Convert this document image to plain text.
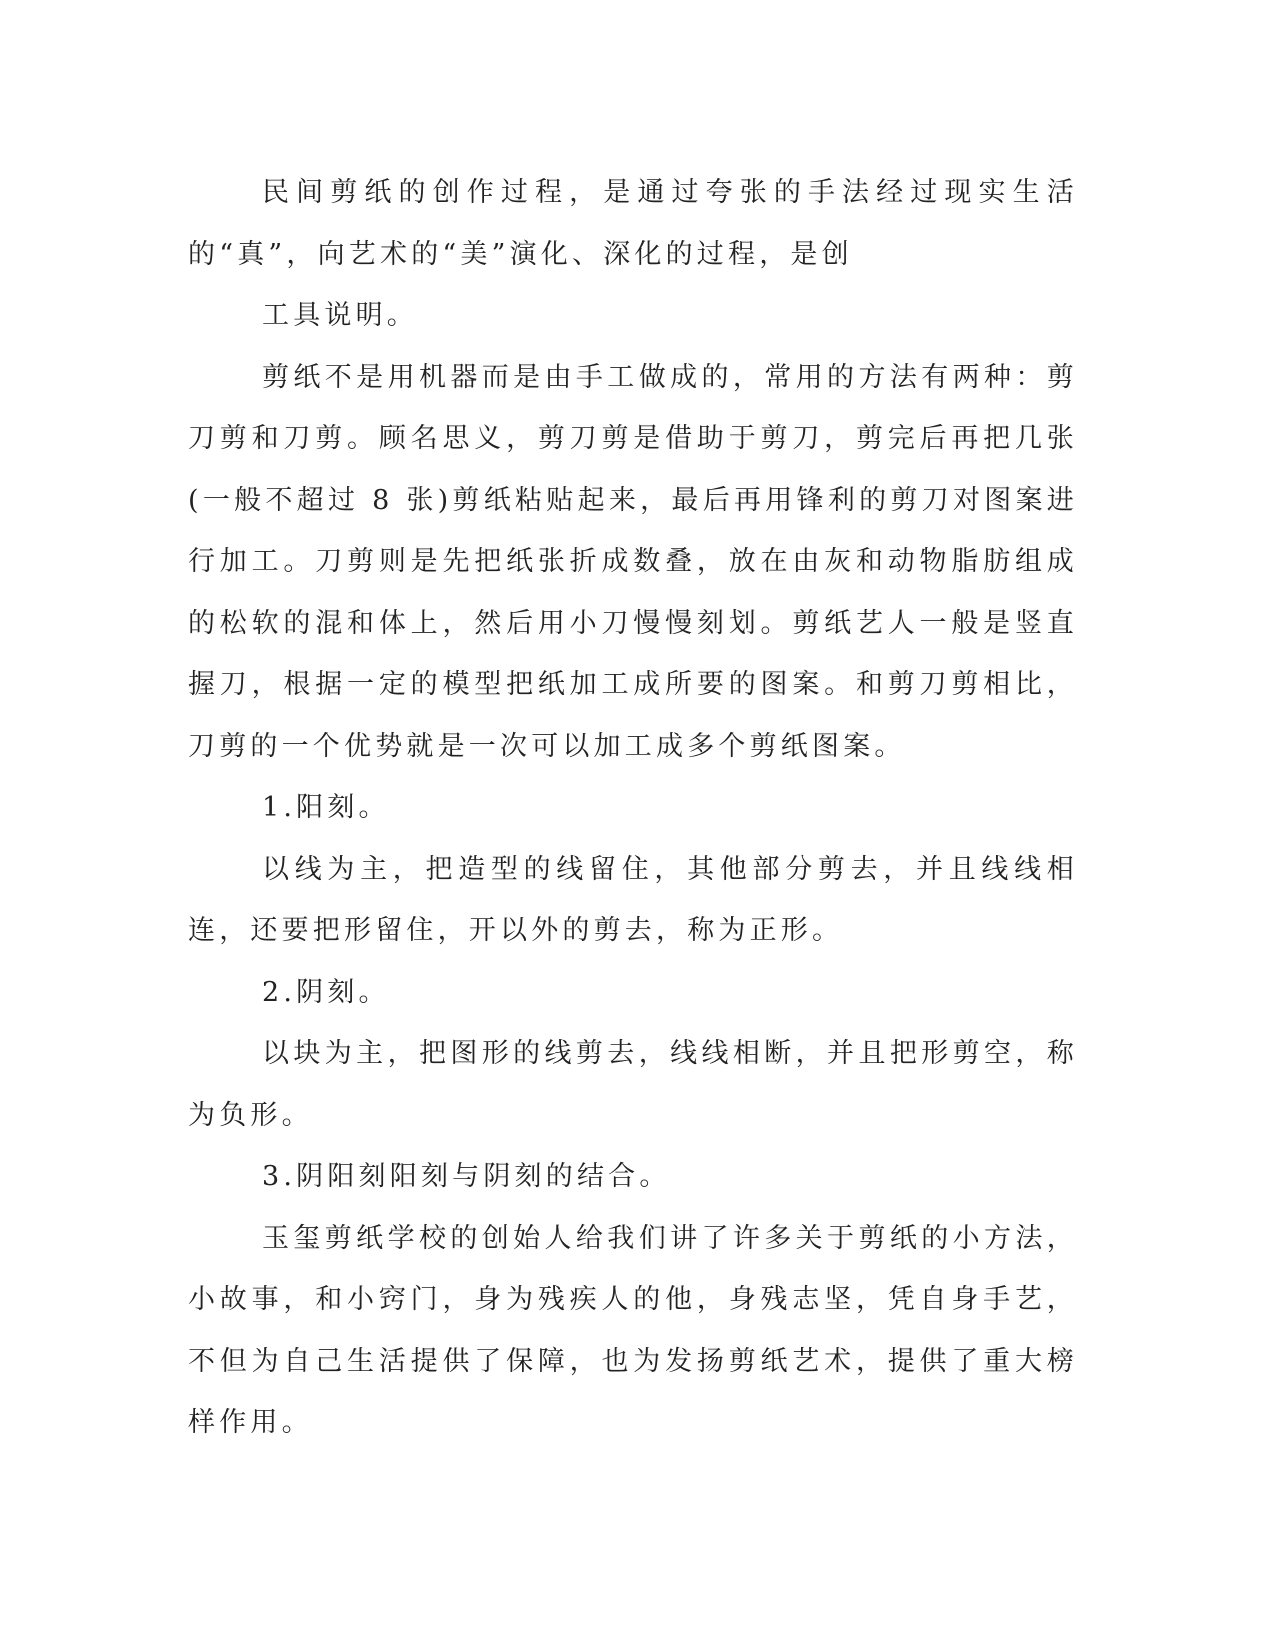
民间剪纸的创作过程，是通过夸张的手法经过现实生活的“真”，向艺术的“美”演化、深化的过程，是创

工具说明。

剪纸不是用机器而是由手工做成的，常用的方法有两种：剪刀剪和刀剪。顾名思义，剪刀剪是借助于剪刀，剪完后再把几张(一般不超过 8 张)剪纸粘贴起来，最后再用锋利的剪刀对图案进行加工。刀剪则是先把纸张折成数叠，放在由灰和动物脂肪组成的松软的混和体上，然后用小刀慢慢刻划。剪纸艺人一般是竖直握刀，根据一定的模型把纸加工成所要的图案。和剪刀剪相比，刀剪的一个优势就是一次可以加工成多个剪纸图案。

1.阳刻。

以线为主，把造型的线留住，其他部分剪去，并且线线相连，还要把形留住，开以外的剪去，称为正形。

2.阴刻。

以块为主，把图形的线剪去，线线相断，并且把形剪空，称为负形。

3.阴阳刻阳刻与阴刻的结合。

玉玺剪纸学校的创始人给我们讲了许多关于剪纸的小方法，小故事，和小窍门，身为残疾人的他，身残志坚，凭自身手艺，不但为自己生活提供了保障，也为发扬剪纸艺术，提供了重大榜样作用。
